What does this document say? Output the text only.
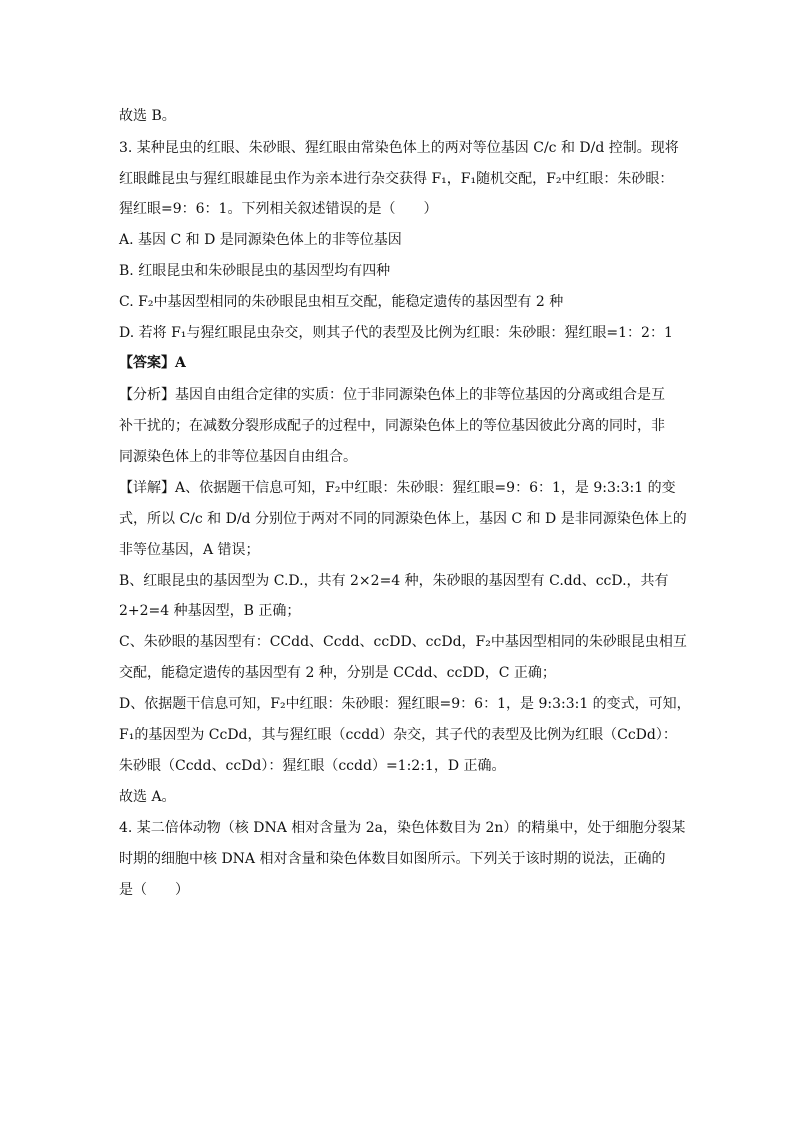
故选 B。
3. 某种昆虫的红眼、朱砂眼、猩红眼由常染色体上的两对等位基因 C/c 和 D/d 控制。现将
红眼雌昆虫与猩红眼雄昆虫作为亲本进行杂交获得 F₁，F₁随机交配，F₂中红眼：朱砂眼：
猩红眼=9：6：1。下列相关叙述错误的是（　　）
A. 基因 C 和 D 是同源染色体上的非等位基因
B. 红眼昆虫和朱砂眼昆虫的基因型均有四种
C. F₂中基因型相同的朱砂眼昆虫相互交配，能稳定遗传的基因型有 2 种
D. 若将 F₁与猩红眼昆虫杂交，则其子代的表型及比例为红眼：朱砂眼：猩红眼=1：2：1
【答案】A
【分析】基因自由组合定律的实质：位于非同源染色体上的非等位基因的分离或组合是互
补干扰的；在减数分裂形成配子的过程中，同源染色体上的等位基因彼此分离的同时，非
同源染色体上的非等位基因自由组合。
【详解】A、依据题干信息可知，F₂中红眼：朱砂眼：猩红眼=9：6：1，是 9:3:3:1 的变
式，所以 C/c 和 D/d 分别位于两对不同的同源染色体上，基因 C 和 D 是非同源染色体上的
非等位基因，A 错误；
B、红眼昆虫的基因型为 C.D.，共有 2×2=4 种，朱砂眼的基因型有 C.dd、ccD.，共有
2+2=4 种基因型，B 正确；
C、朱砂眼的基因型有：CCdd、Ccdd、ccDD、ccDd，F₂中基因型相同的朱砂眼昆虫相互
交配，能稳定遗传的基因型有 2 种，分别是 CCdd、ccDD，C 正确；
D、依据题干信息可知，F₂中红眼：朱砂眼：猩红眼=9：6：1，是 9:3:3:1 的变式，可知，
F₁的基因型为 CcDd，其与猩红眼（ccdd）杂交，其子代的表型及比例为红眼（CcDd）：
朱砂眼（Ccdd、ccDd）：猩红眼（ccdd）=1:2:1，D 正确。
故选 A。
4. 某二倍体动物（核 DNA 相对含量为 2a，染色体数目为 2n）的精巢中，处于细胞分裂某
时期的细胞中核 DNA 相对含量和染色体数目如图所示。下列关于该时期的说法，正确的
是（　　）
